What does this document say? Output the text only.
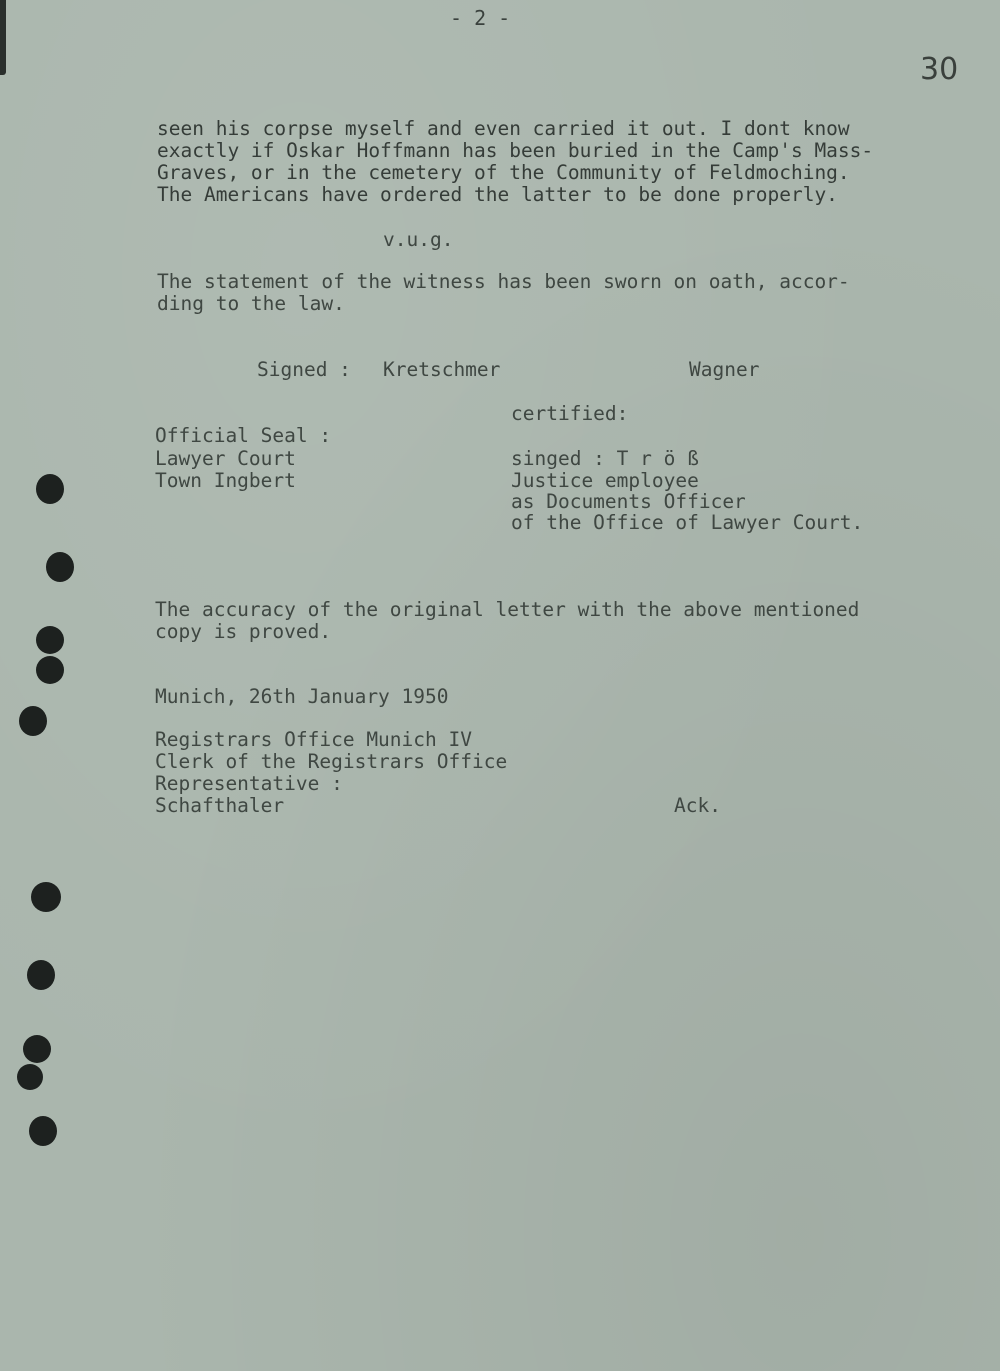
- 2 -
30
seen his corpse myself and even carried it out. I dont know
exactly if Oskar Hoffmann has been buried in the Camp's Mass-
Graves, or in the cemetery of the Community of Feldmoching.
The Americans have ordered the latter to be done properly.
v.u.g.
The statement of the witness has been sworn on oath, accor-
ding to the law.
Signed : Kretschmer	Wagner
certified:
Official Seal :
Lawyer Court
Town Ingbert
singed : T r ö ß
Justice employee
as Documents Officer
of the Office of Lawyer Court.
The accuracy of the original letter with the above mentioned
copy is proved.
Munich, 26th January 1950
Registrars Office Munich IV
Clerk of the Registrars Office
Representative :
Schafthaler	Ack.
